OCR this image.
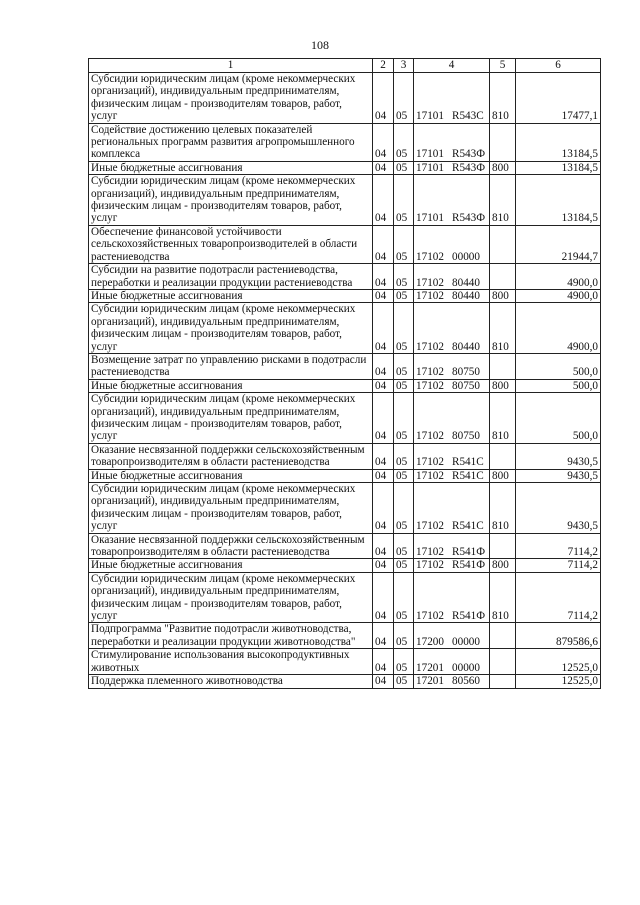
108
1	2	3	4	5	6
Субсидии юридическим лицам (кроме некоммерческих организаций), индивидуальным предпринимателям, физическим лицам - производителям товаров, работ, услуг	04	05	17101 R543C	810	17477,1
Содействие достижению целевых показателей региональных программ развития агропромышленного комплекса	04	05	17101 R543Ф		13184,5
Иные бюджетные ассигнования	04	05	17101 R543Ф	800	13184,5
Субсидии юридическим лицам (кроме некоммерческих организаций), индивидуальным предпринимателям, физическим лицам - производителям товаров, работ, услуг	04	05	17101 R543Ф	810	13184,5
Обеспечение финансовой устойчивости сельскохозяйственных товаропроизводителей в области растениеводства	04	05	17102 00000		21944,7
Субсидии на развитие подотрасли растениеводства, переработки и реализации продукции растениеводства	04	05	17102 80440		4900,0
Иные бюджетные ассигнования	04	05	17102 80440	800	4900,0
Субсидии юридическим лицам (кроме некоммерческих организаций), индивидуальным предпринимателям, физическим лицам - производителям товаров, работ, услуг	04	05	17102 80440	810	4900,0
Возмещение затрат по управлению рисками в подотрасли растениеводства	04	05	17102 80750		500,0
Иные бюджетные ассигнования	04	05	17102 80750	800	500,0
Субсидии юридическим лицам (кроме некоммерческих организаций), индивидуальным предпринимателям, физическим лицам - производителям товаров, работ, услуг	04	05	17102 80750	810	500,0
Оказание несвязанной поддержки сельскохозяйственным товаропроизводителям в области растениеводства	04	05	17102 R541C		9430,5
Иные бюджетные ассигнования	04	05	17102 R541C	800	9430,5
Субсидии юридическим лицам (кроме некоммерческих организаций), индивидуальным предпринимателям, физическим лицам - производителям товаров, работ, услуг	04	05	17102 R541C	810	9430,5
Оказание несвязанной поддержки сельскохозяйственным товаропроизводителям в области растениеводства	04	05	17102 R541Ф		7114,2
Иные бюджетные ассигнования	04	05	17102 R541Ф	800	7114,2
Субсидии юридическим лицам (кроме некоммерческих организаций), индивидуальным предпринимателям, физическим лицам - производителям товаров, работ, услуг	04	05	17102 R541Ф	810	7114,2
Подпрограмма "Развитие подотрасли животноводства, переработки и реализации продукции животноводства"	04	05	17200 00000		879586,6
Стимулирование использования высокопродуктивных животных	04	05	17201 00000		12525,0
Поддержка племенного животноводства	04	05	17201 80560		12525,0
